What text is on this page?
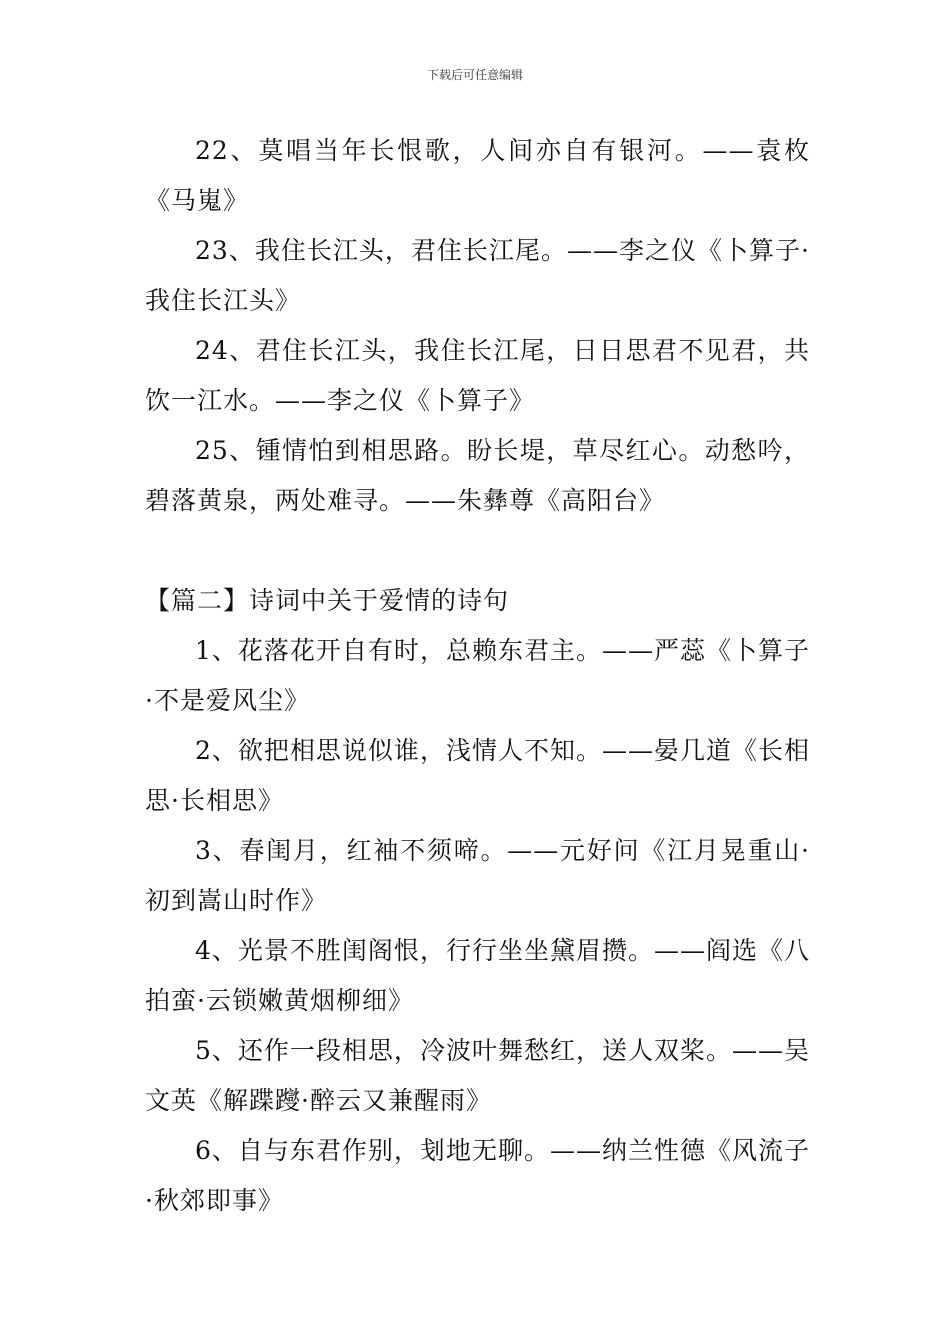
下载后可任意编辑

22、莫唱当年长恨歌，人间亦自有银河。——袁枚《马嵬》

23、我住长江头，君住长江尾。——李之仪《卜算子·我住长江头》

24、君住长江头，我住长江尾，日日思君不见君，共饮一江水。——李之仪《卜算子》

25、锺情怕到相思路。盼长堤，草尽红心。动愁吟，碧落黄泉，两处难寻。——朱彝尊《高阳台》

【篇二】诗词中关于爱情的诗句

1、花落花开自有时，总赖东君主。——严蕊《卜算子·不是爱风尘》

2、欲把相思说似谁，浅情人不知。——晏几道《长相思·长相思》

3、春闺月，红袖不须啼。——元好问《江月晃重山·初到嵩山时作》

4、光景不胜闺阁恨，行行坐坐黛眉攒。——阎选《八拍蛮·云锁嫩黄烟柳细》

5、还作一段相思，冷波叶舞愁红，送人双桨。——吴文英《解蹀躞·醉云又兼醒雨》

6、自与东君作别，刬地无聊。——纳兰性德《风流子·秋郊即事》
